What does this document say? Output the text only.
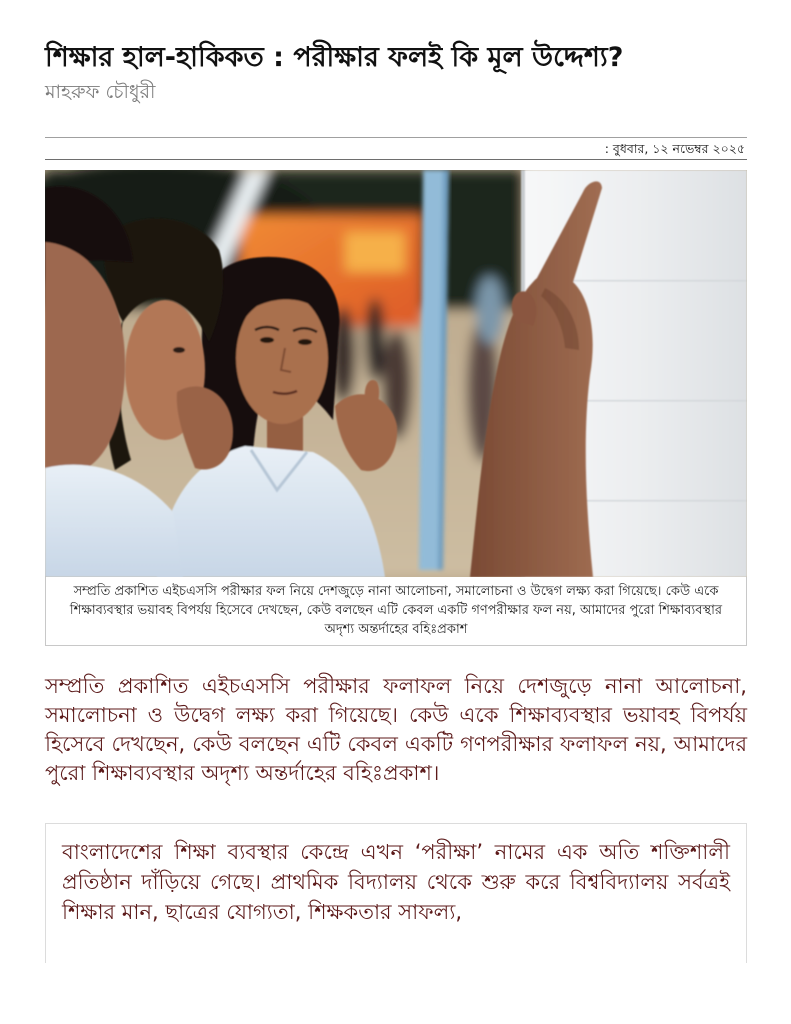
শিক্ষার হাল-হাকিকত : পরীক্ষার ফলই কি মূল উদ্দেশ্য?
মাহরুফ চৌধুরী
: বুধবার, ১২ নভেম্বর ২০২৫
সম্প্রতি প্রকাশিত এইচএসসি পরীক্ষার ফল নিয়ে দেশজুড়ে নানা আলোচনা, সমালোচনা ও উদ্বেগ লক্ষ্য করা গিয়েছে। কেউ একে শিক্ষাব্যবস্থার ভয়াবহ বিপর্যয় হিসেবে দেখছেন, কেউ বলছেন এটি কেবল একটি গণপরীক্ষার ফল নয়, আমাদের পুরো শিক্ষাব্যবস্থার অদৃশ্য অন্তর্দাহের বহিঃপ্রকাশ

সম্প্রতি প্রকাশিত এইচএসসি পরীক্ষার ফলাফল নিয়ে দেশজুড়ে নানা আলোচনা, সমালোচনা ও উদ্বেগ লক্ষ্য করা গিয়েছে। কেউ একে শিক্ষাব্যবস্থার ভয়াবহ বিপর্যয় হিসেবে দেখছেন, কেউ বলছেন এটি কেবল একটি গণপরীক্ষার ফলাফল নয়, আমাদের পুরো শিক্ষাব্যবস্থার অদৃশ্য অন্তর্দাহের বহিঃপ্রকাশ।

বাংলাদেশের শিক্ষা ব্যবস্থার কেন্দ্রে এখন ‘পরীক্ষা’ নামের এক অতি শক্তিশালী প্রতিষ্ঠান দাঁড়িয়ে গেছে। প্রাথমিক বিদ্যালয় থেকে শুরু করে বিশ্ববিদ্যালয় সর্বত্রই শিক্ষার মান, ছাত্রের যোগ্যতা, শিক্ষকতার সাফল্য,
